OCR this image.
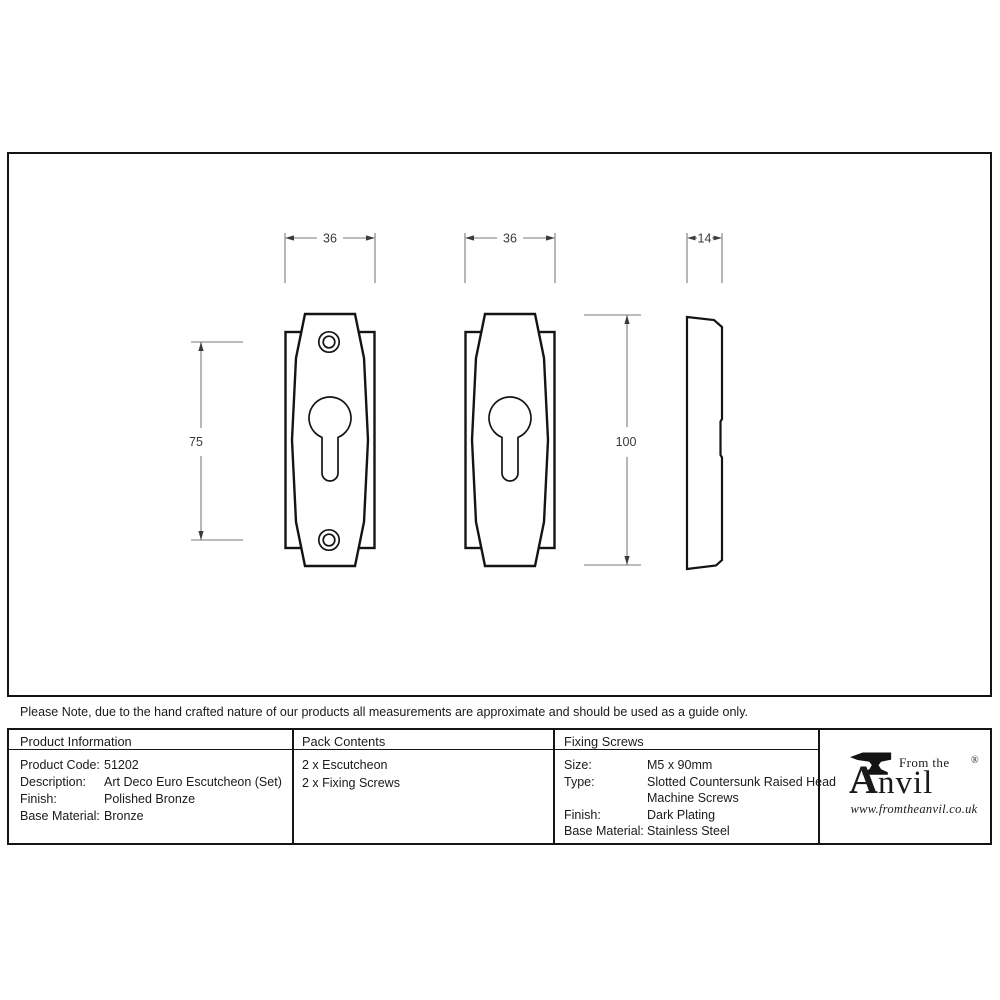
36	36	14
75	100
Please Note, due to the hand crafted nature of our products all measurements are approximate and should be used as a guide only.
Product Information
Product Code: 51202
Description:	Art Deco Euro Escutcheon (Set)
Finish:	Polished Bronze
Base Material: Bronze
Pack Contents
2 x Escutcheon
2 x Fixing Screws
Fixing Screws
Size:	M5 x 90mm
Type:	Slotted Countersunk Raised Head
Machine Screws
Finish:	Dark Plating
Base Material: Stainless Steel
From the
A nvil
®
www.fromtheanvil.co.uk
